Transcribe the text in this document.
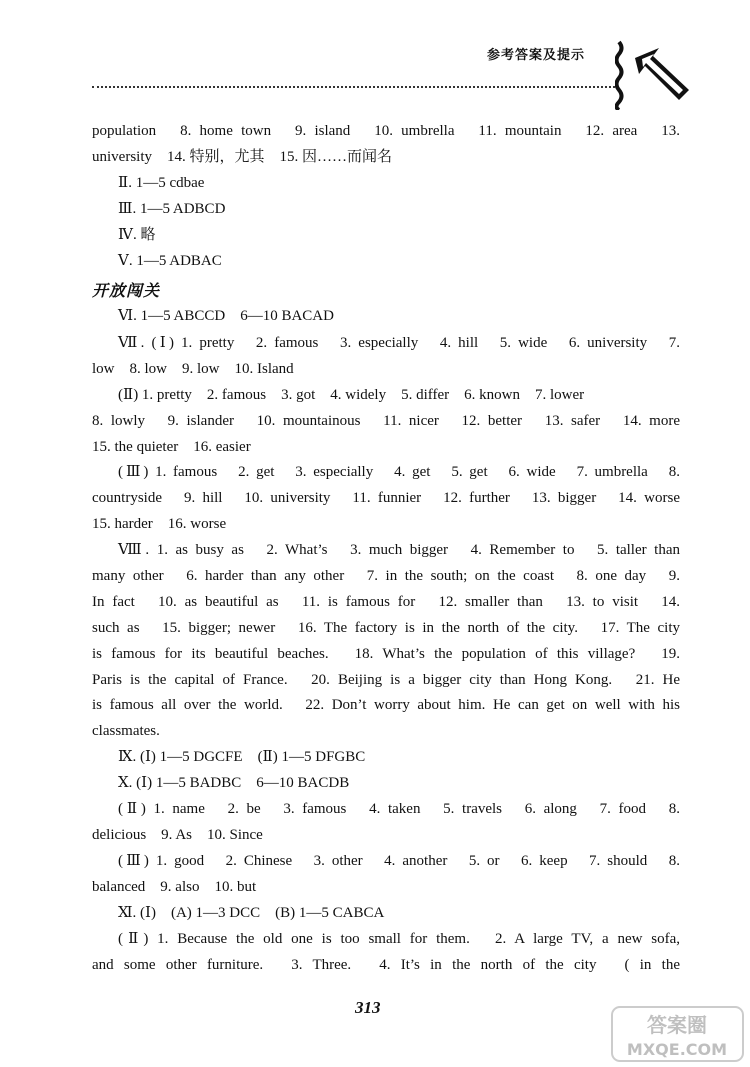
参考答案及提示
population　8. home town　9. island　10. umbrella　11. mountain　12. area　13.
university　14. 特别，尤其　15. 因……而闻名
Ⅱ. 1—5 cdbae
Ⅲ. 1—5 ADBCD
Ⅳ. 略
Ⅴ. 1—5 ADBAC
开放闯关
Ⅵ. 1—5 ABCCD　6—10 BACAD
Ⅶ. (Ⅰ) 1. pretty　2. famous　3. especially　4. hill　5. wide　6. university　7.
low　8. low　9. low　10. Island
(Ⅱ) 1. pretty　2. famous　3. got　4. widely　5. differ　6. known　7. lower
8. lowly　9. islander　10. mountainous　11. nicer　12. better　13. safer　14. more
15. the quieter　16. easier
(Ⅲ) 1. famous　2. get　3. especially　4. get　5. get　6. wide　7. umbrella　8.
countryside　9. hill　10. university　11. funnier　12. further　13. bigger　14. worse
15. harder　16. worse
Ⅷ. 1. as busy as　2. What’s　3. much bigger　4. Remember to　5. taller than
many other　6. harder than any other　7. in the south; on the coast　8. one day　9.
In fact　10. as beautiful as　11. is famous for　12. smaller than　13. to visit　14.
such as　15. bigger; newer　16. The factory is in the north of the city.　17. The city
is famous for its beautiful beaches.　18. What’s the population of this village?　19.
Paris is the capital of France.　20. Beijing is a bigger city than Hong Kong.　21. He
is famous all over the world.　22. Don’t worry about him. He can get on well with his
classmates.
Ⅸ. (Ⅰ) 1—5 DGCFE　(Ⅱ) 1—5 DFGBC
Ⅹ. (Ⅰ) 1—5 BADBC　6—10 BACDB
(Ⅱ) 1. name　2. be　3. famous　4. taken　5. travels　6. along　7. food　8.
delicious　9. As　10. Since
(Ⅲ) 1. good　2. Chinese　3. other　4. another　5. or　6. keep　7. should　8.
balanced　9. also　10. but
Ⅺ. (Ⅰ)　(A) 1—3 DCC　(B) 1—5 CABCA
(Ⅱ) 1. Because the old one is too small for them.　2. A large TV, a new sofa,
and some other furniture.　3. Three.　4. It’s in the north of the city　( in the
313
答案圈
MXQE.COM
